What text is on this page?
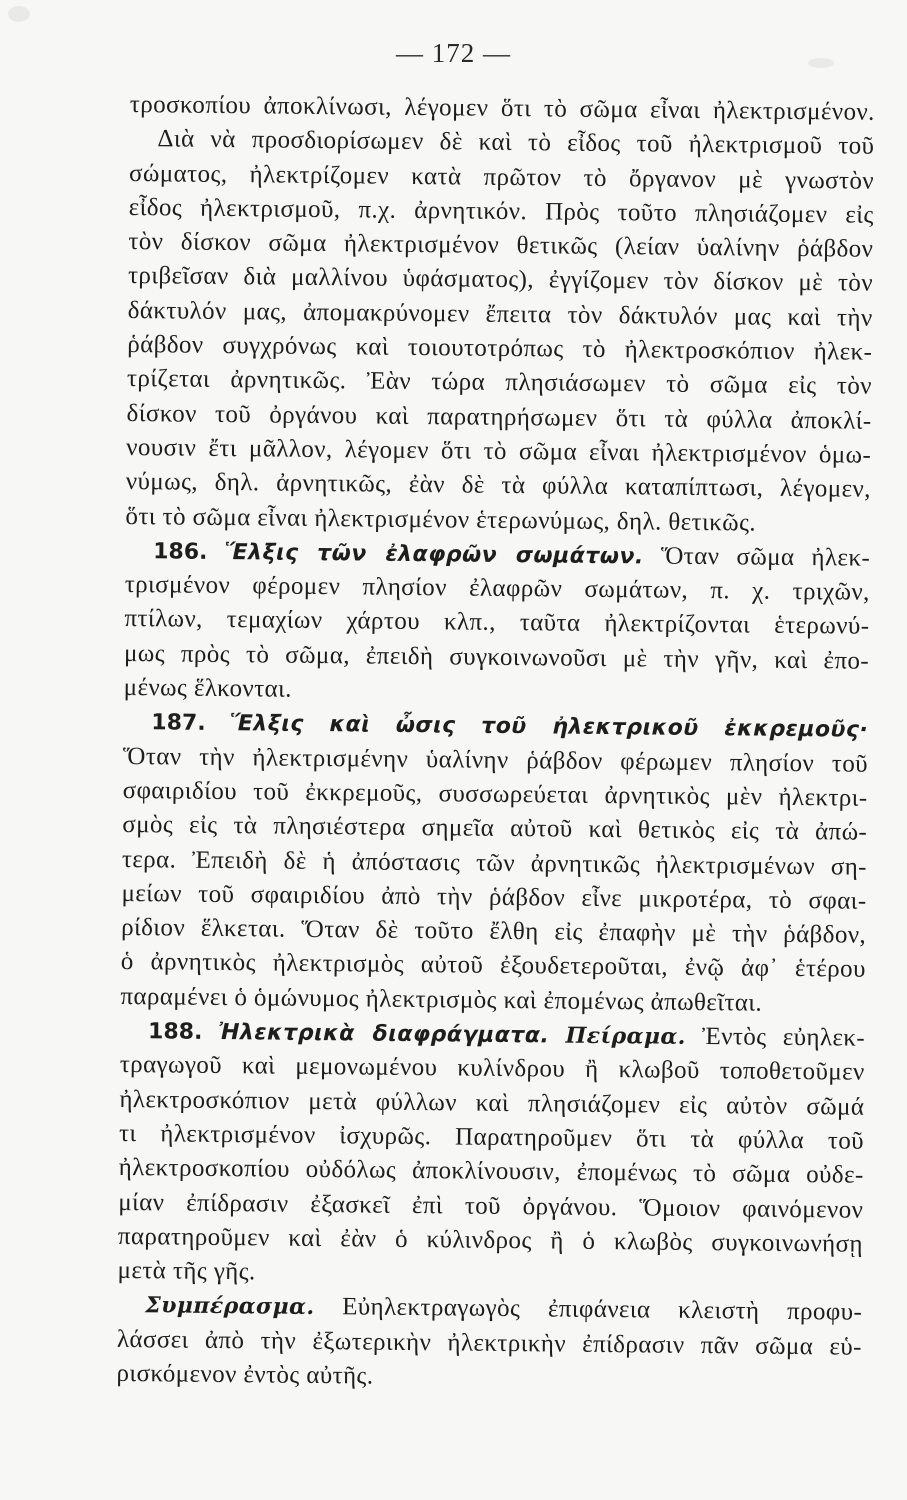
— 172 —
τροσκοπίου ἀποκλίνωσι, λέγομεν ὅτι τὸ σῶμα εἶναι ἠλεκτρισμένον.
Διὰ νὰ προσδιορίσωμεν δὲ καὶ τὸ εἶδος τοῦ ἠλεκτρισμοῦ τοῦ
σώματος, ἠλεκτρίζομεν κατὰ πρῶτον τὸ ὄργανον μὲ γνωστὸν
εἶδος ἠλεκτρισμοῦ, π.χ. ἀρνητικόν. Πρὸς τοῦτο πλησιάζομεν εἰς
τὸν δίσκον σῶμα ἠλεκτρισμένον θετικῶς (λείαν ὑαλίνην ῥάβδον
τριβεῖσαν διὰ μαλλίνου ὑφάσματος), ἐγγίζομεν τὸν δίσκον μὲ τὸν
δάκτυλόν μας, ἀπομακρύνομεν ἔπειτα τὸν δάκτυλόν μας καὶ τὴν
ῥάβδον συγχρόνως καὶ τοιουτοτρόπως τὸ ἠλεκτροσκόπιον ἠλεκ-
τρίζεται ἀρνητικῶς. Ἐὰν τώρα πλησιάσωμεν τὸ σῶμα εἰς τὸν
δίσκον τοῦ ὀργάνου καὶ παρατηρήσωμεν ὅτι τὰ φύλλα ἀποκλί-
νουσιν ἔτι μᾶλλον, λέγομεν ὅτι τὸ σῶμα εἶναι ἠλεκτρισμένον ὁμω-
νύμως, δηλ. ἀρνητικῶς, ἐὰν δὲ τὰ φύλλα καταπίπτωσι, λέγομεν,
ὅτι τὸ σῶμα εἶναι ἠλεκτρισμένον ἑτερωνύμως, δηλ. θετικῶς.
186. Ἕλξις τῶν ἐλαφρῶν σωμάτων. Ὅταν σῶμα ἠλεκ-
τρισμένον φέρομεν πλησίον ἐλαφρῶν σωμάτων, π. χ. τριχῶν,
πτίλων, τεμαχίων χάρτου κλπ., ταῦτα ἠλεκτρίζονται ἑτερωνύ-
μως πρὸς τὸ σῶμα, ἐπειδὴ συγκοινωνοῦσι μὲ τὴν γῆν, καὶ ἐπο-
μένως ἕλκονται.
187. Ἕλξις καὶ ὦσις τοῦ ἠλεκτρικοῦ ἐκκρεμοῦς·
Ὅταν τὴν ἠλεκτρισμένην ὑαλίνην ῥάβδον φέρωμεν πλησίον τοῦ
σφαιριδίου τοῦ ἐκκρεμοῦς, συσσωρεύεται ἀρνητικὸς μὲν ἠλεκτρι-
σμὸς εἰς τὰ πλησιέστερα σημεῖα αὐτοῦ καὶ θετικὸς εἰς τὰ ἀπώ-
τερα. Ἐπειδὴ δὲ ἡ ἀπόστασις τῶν ἀρνητικῶς ἠλεκτρισμένων ση-
μείων τοῦ σφαιριδίου ἀπὸ τὴν ῥάβδον εἶνε μικροτέρα, τὸ σφαι-
ρίδιον ἕλκεται. Ὅταν δὲ τοῦτο ἔλθη εἰς ἐπαφὴν μὲ τὴν ῥάβδον,
ὁ ἀρνητικὸς ἠλεκτρισμὸς αὐτοῦ ἐξουδετεροῦται, ἐνῷ ἀφ᾿ ἑτέρου
παραμένει ὁ ὁμώνυμος ἠλεκτρισμὸς καὶ ἐπομένως ἀπωθεῖται.
188. Ἠλεκτρικὰ διαφράγματα. Πείραμα. Ἐντὸς εὐηλεκ-
τραγωγοῦ καὶ μεμονωμένου κυλίνδρου ἢ κλωβοῦ τοποθετοῦμεν
ἠλεκτροσκόπιον μετὰ φύλλων καὶ πλησιάζομεν εἰς αὐτὸν σῶμά
τι ἠλεκτρισμένον ἰσχυρῶς. Παρατηροῦμεν ὅτι τὰ φύλλα τοῦ
ἠλεκτροσκοπίου οὐδόλως ἀποκλίνουσιν, ἐπομένως τὸ σῶμα οὐδε-
μίαν ἐπίδρασιν ἐξασκεῖ ἐπὶ τοῦ ὀργάνου. Ὅμοιον φαινόμενον
παρατηροῦμεν καὶ ἐὰν ὁ κύλινδρος ἢ ὁ κλωβὸς συγκοινωνήσῃ
μετὰ τῆς γῆς.
Συμπέρασμα. Εὐηλεκτραγωγὸς ἐπιφάνεια κλειστὴ προφυ-
λάσσει ἀπὸ τὴν ἐξωτερικὴν ἠλεκτρικὴν ἐπίδρασιν πᾶν σῶμα εὑ-
ρισκόμενον ἐντὸς αὐτῆς.
